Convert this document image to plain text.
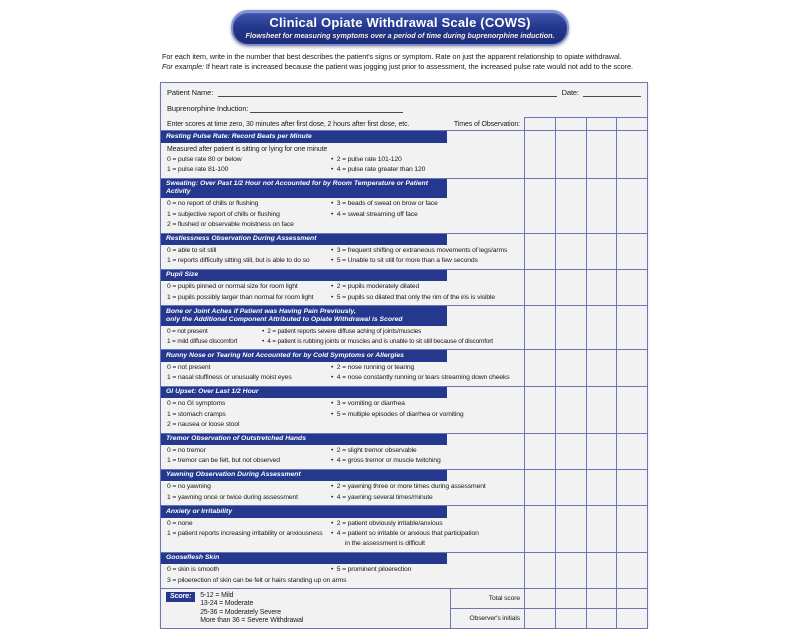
Clinical Opiate Withdrawal Scale (COWS)
Flowsheet for measuring symptoms over a period of time during buprenorphine induction.
For each item, write in the number that best describes the patient's signs or symptom. Rate on just the apparent relationship to opiate withdrawal.
For example: If heart rate is increased because the patient was jogging just prior to assessment, the increased pulse rate would not add to the score.
Patient Name:	Date:
Buprenorphine Induction:
Enter scores at time zero, 30 minutes after first dose, 2 hours after first dose, etc.	Times of Observation:
Resting Pulse Rate: Record Beats per Minute
Measured after patient is sitting or lying for one minute
0 = pulse rate 80 or below	•  2 = pulse rate 101-120
1 = pulse rate 81-100	•  4 = pulse rate greater than 120
Sweating: Over Past 1/2 Hour not Accounted for by Room Temperature or Patient Activity
0 = no report of chills or flushing	•  3 = beads of sweat on brow or face
1 = subjective report of chills or flushing	•  4 = sweat streaming off face
2 = flushed or observable moistness on face
Restlessness Observation During Assessment
0 = able to sit still	•  3 = frequent shifting or extraneous movements of legs/arms
1 = reports difficulty sitting still, but is able to do so	•  5 = Unable to sit still for more than a few seconds
Pupil Size
0 = pupils pinned or normal size for room light	•  2 = pupils moderately dilated
1 = pupils possibly larger than normal for room light	•  5 = pupils so dilated that only the rim of the iris is visible
Bone or Joint Aches if Patient was Having Pain Previously,
only the Additional Component Attributed to Opiate Withdrawal is Scored
0 = not present	•  2 = patient reports severe diffuse aching of joints/muscles
1 = mild diffuse discomfort	•  4 = patient is rubbing joints or muscles and is unable to sit still because of discomfort
Runny Nose or Tearing Not Accounted for by Cold Symptoms or Allergies
0 = not present	•  2 = nose running or tearing
1 = nasal stuffiness or unusually moist eyes	•  4 = nose constantly running or tears streaming down cheeks
GI Upset: Over Last 1/2 Hour
0 = no GI symptoms	•  3 = vomiting or diarrhea
1 = stomach cramps	•  5 = multiple episodes of diarrhea or vomiting
2 = nausea or loose stool
Tremor Observation of Outstretched Hands
0 = no tremor	•  2 = slight tremor observable
1 = tremor can be felt, but not observed	•  4 = gross tremor or muscle twitching
Yawning Observation During Assessment
0 = no yawning	•  2 = yawning three or more times during assessment
1 = yawning once or twice during assessment	•  4 = yawning several times/minute
Anxiety or Irritability
0 = none	•  2 = patient obviously irritable/anxious
1 = patient reports increasing irritability or anxiousness	•  4 = patient so irritable or anxious that participation
in the assessment is difficult
Gooseflesh Skin
0 = skin is smooth	•  5 = prominent piloerection
3 = piloerection of skin can be felt or hairs standing up on arms
Score:	5-12 = Mild
13-24 = Moderate
25-36 = Moderately Severe
More than 36 = Severe Withdrawal
Total score
Observer's initials
